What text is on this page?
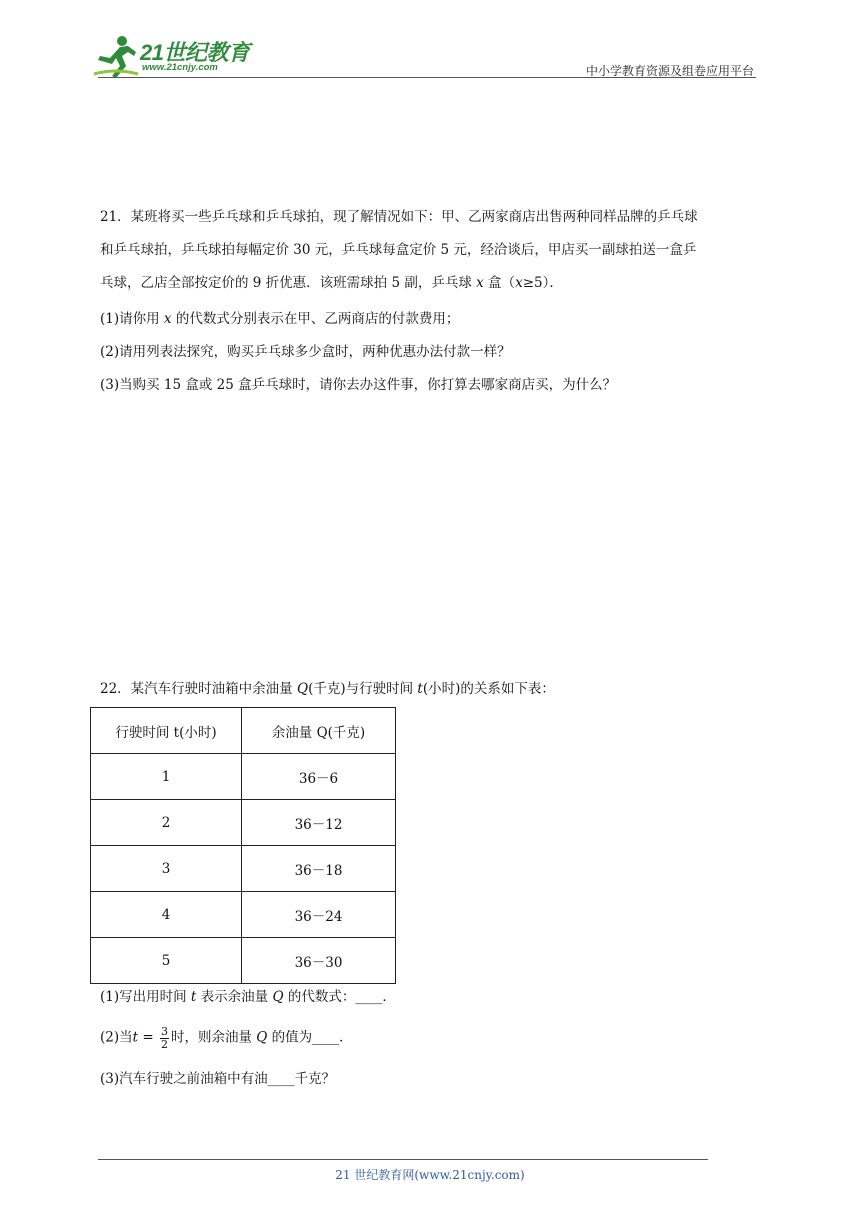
21世纪教育
www.21cnjy.com	中小学教育资源及组卷应用平台
21．某班将买一些乒乓球和乒乓球拍，现了解情况如下：甲、乙两家商店出售两种同样品牌的乒乓球
和乒乓球拍，乒乓球拍每幅定价 30 元，乒乓球每盒定价 5 元，经洽谈后，甲店买一副球拍送一盒乒
乓球，乙店全部按定价的 9 折优惠．该班需球拍 5 副，乒乓球 x 盒（x≥5）．
(1)请你用 x 的代数式分别表示在甲、乙两商店的付款费用；
(2)请用列表法探究，购买乒乓球多少盒时，两种优惠办法付款一样？
(3)当购买 15 盒或 25 盒乒乓球时，请你去办这件事，你打算去哪家商店买，为什么？
22．某汽车行驶时油箱中余油量 Q(千克)与行驶时间 t(小时)的关系如下表：
行驶时间 t(小时)	余油量 Q(千克)
1	36－6
2	36－12
3	36－18
4	36－24
5	36－30
(1)写出用时间 t 表示余油量 Q 的代数式：____．
(2)当$t = \frac{3}{2}$ 时，则余油量 Q 的值为____．
(3)汽车行驶之前油箱中有油____千克？
21 世纪教育网(www.21cnjy.com)
